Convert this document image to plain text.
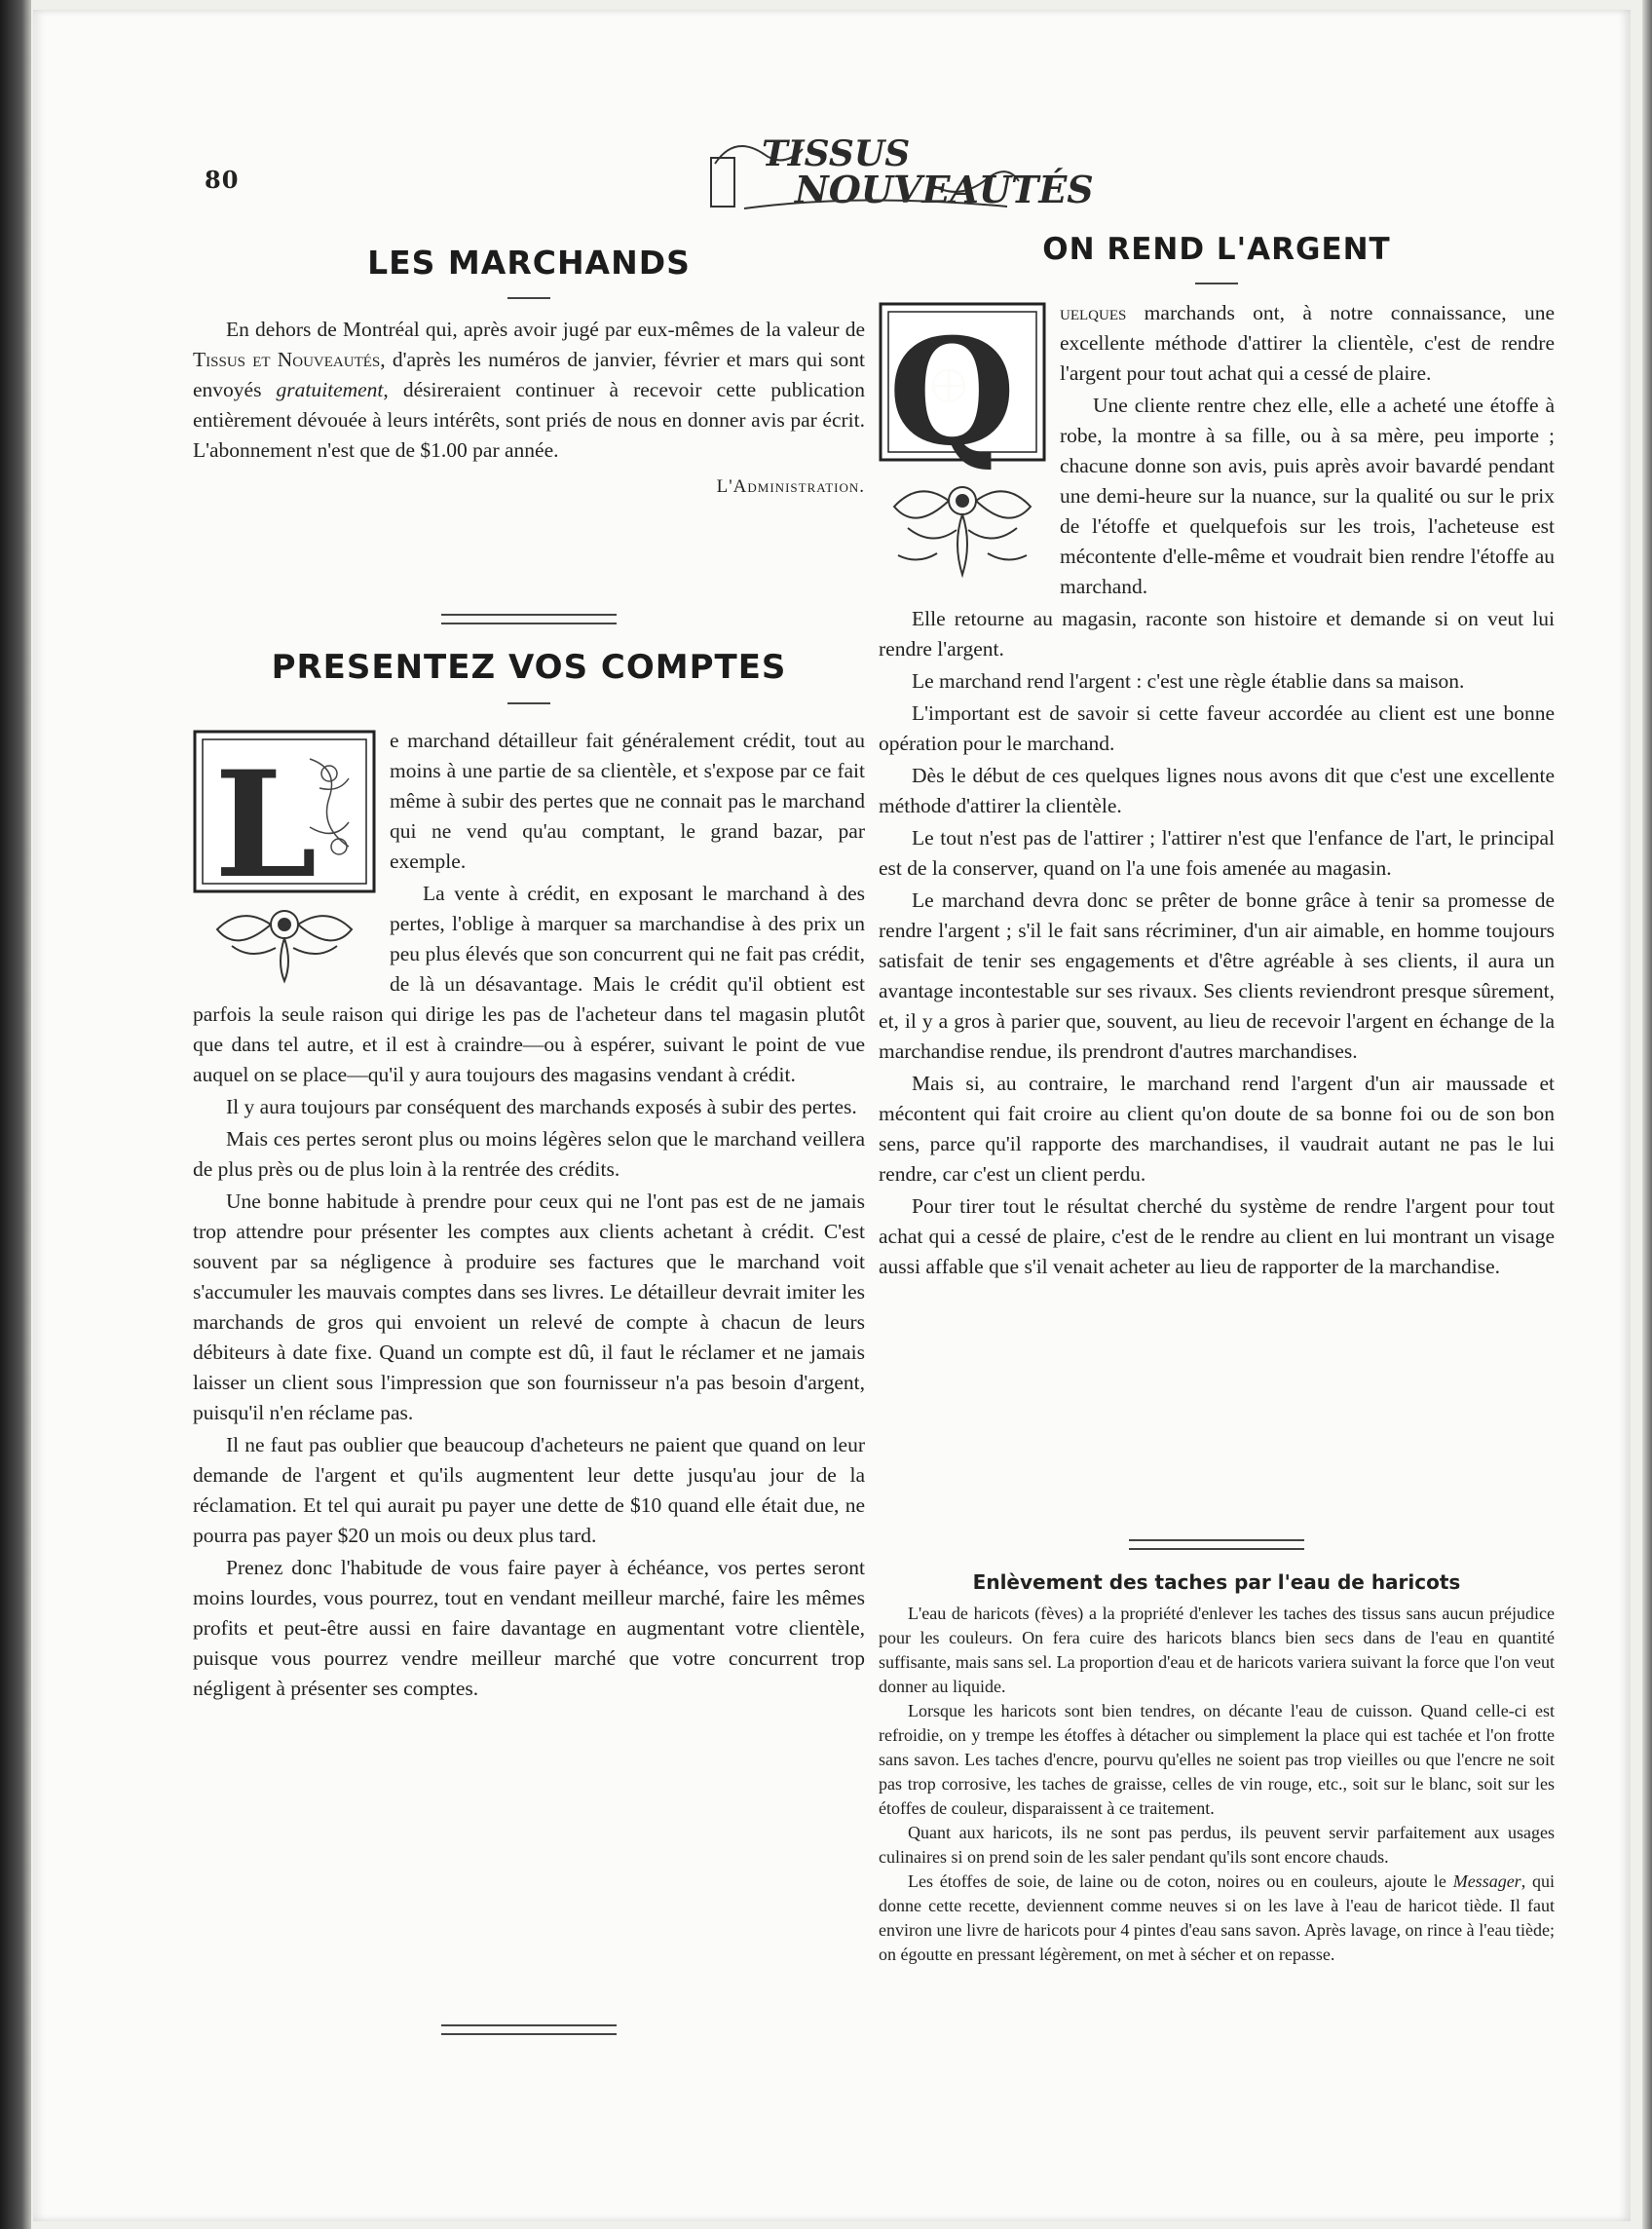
80
TISSUS
NOUVEAUTÉS
LES MARCHANDS

En dehors de Montréal qui, après avoir jugé par eux-mêmes de la valeur de Tissus et Nouveautés, d'après les numéros de janvier, février et mars qui sont envoyés gratuitement, désireraient continuer à recevoir cette publication entièrement dévouée à leurs intérêts, sont priés de nous en donner avis par écrit. L'abonnement n'est que de $1.00 par année.

L'Administration.
PRESENTEZ VOS COMPTES
L	e marchand détailleur fait généralement crédit, tout au moins à une partie de sa clientèle, et s'expose par ce fait même à subir des pertes que ne connait pas le marchand qui ne vend qu'au comptant, le grand bazar, par exemple.

La vente à crédit, en exposant le marchand à des pertes, l'oblige à marquer sa marchandise à des prix un peu plus élevés que son concurrent qui ne fait pas crédit, de là un désavantage. Mais le crédit qu'il obtient est parfois la seule raison qui dirige les pas de l'acheteur dans tel magasin plutôt que dans tel autre, et il est à craindre—ou à espérer, suivant le point de vue auquel on se place—qu'il y aura toujours des magasins vendant à crédit.

Il y aura toujours par conséquent des marchands exposés à subir des pertes.

Mais ces pertes seront plus ou moins légères selon que le marchand veillera de plus près ou de plus loin à la rentrée des crédits.

Une bonne habitude à prendre pour ceux qui ne l'ont pas est de ne jamais trop attendre pour présenter les comptes aux clients achetant à crédit. C'est souvent par sa négligence à produire ses factures que le marchand voit s'accumuler les mauvais comptes dans ses livres. Le détailleur devrait imiter les marchands de gros qui envoient un relevé de compte à chacun de leurs débiteurs à date fixe. Quand un compte est dû, il faut le réclamer et ne jamais laisser un client sous l'impression que son fournisseur n'a pas besoin d'argent, puisqu'il n'en réclame pas.

Il ne faut pas oublier que beaucoup d'acheteurs ne paient que quand on leur demande de l'argent et qu'ils augmentent leur dette jusqu'au jour de la réclamation. Et tel qui aurait pu payer une dette de $10 quand elle était due, ne pourra pas payer $20 un mois ou deux plus tard.

Prenez donc l'habitude de vous faire payer à échéance, vos pertes seront moins lourdes, vous pourrez, tout en vendant meilleur marché, faire les mêmes profits et peut-être aussi en faire davantage en augmentant votre clientèle, puisque vous pourrez vendre meilleur marché que votre concurrent trop négligent à présenter ses comptes.

ON REND L'ARGENT
Q	uelques marchands ont, à notre connaissance, une excellente méthode d'attirer la clientèle, c'est de rendre l'argent pour tout achat qui a cessé de plaire.

Une cliente rentre chez elle, elle a acheté une étoffe à robe, la montre à sa fille, ou à sa mère, peu importe ; chacune donne son avis, puis après avoir bavardé pendant une demi-heure sur la nuance, sur la qualité ou sur le prix de l'étoffe et quelquefois sur les trois, l'acheteuse est mécontente d'elle-même et voudrait bien rendre l'étoffe au marchand.

Elle retourne au magasin, raconte son histoire et demande si on veut lui rendre l'argent.

Le marchand rend l'argent : c'est une règle établie dans sa maison.

L'important est de savoir si cette faveur accordée au client est une bonne opération pour le marchand.

Dès le début de ces quelques lignes nous avons dit que c'est une excellente méthode d'attirer la clientèle.

Le tout n'est pas de l'attirer ; l'attirer n'est que l'enfance de l'art, le principal est de la conserver, quand on l'a une fois amenée au magasin.

Le marchand devra donc se prêter de bonne grâce à tenir sa promesse de rendre l'argent ; s'il le fait sans récriminer, d'un air aimable, en homme toujours satisfait de tenir ses engagements et d'être agréable à ses clients, il aura un avantage incontestable sur ses rivaux. Ses clients reviendront presque sûrement, et, il y a gros à parier que, souvent, au lieu de recevoir l'argent en échange de la marchandise rendue, ils prendront d'autres marchandises.

Mais si, au contraire, le marchand rend l'argent d'un air maussade et mécontent qui fait croire au client qu'on doute de sa bonne foi ou de son bon sens, parce qu'il rapporte des marchandises, il vaudrait autant ne pas le lui rendre, car c'est un client perdu.

Pour tirer tout le résultat cherché du système de rendre l'argent pour tout achat qui a cessé de plaire, c'est de le rendre au client en lui montrant un visage aussi affable que s'il venait acheter au lieu de rapporter de la marchandise.

Enlèvement des taches par l'eau de haricots

L'eau de haricots (fèves) a la propriété d'enlever les taches des tissus sans aucun préjudice pour les couleurs. On fera cuire des haricots blancs bien secs dans de l'eau en quantité suffisante, mais sans sel. La proportion d'eau et de haricots variera suivant la force que l'on veut donner au liquide.

Lorsque les haricots sont bien tendres, on décante l'eau de cuisson. Quand celle-ci est refroidie, on y trempe les étoffes à détacher ou simplement la place qui est tachée et l'on frotte sans savon. Les taches d'encre, pourvu qu'elles ne soient pas trop vieilles ou que l'encre ne soit pas trop corrosive, les taches de graisse, celles de vin rouge, etc., soit sur le blanc, soit sur les étoffes de couleur, disparaissent à ce traitement.

Quant aux haricots, ils ne sont pas perdus, ils peuvent servir parfaitement aux usages culinaires si on prend soin de les saler pendant qu'ils sont encore chauds.

Les étoffes de soie, de laine ou de coton, noires ou en couleurs, ajoute le Messager, qui donne cette recette, deviennent comme neuves si on les lave à l'eau de haricot tiède. Il faut environ une livre de haricots pour 4 pintes d'eau sans savon. Après lavage, on rince à l'eau tiède; on égoutte en pressant légèrement, on met à sécher et on repasse.
